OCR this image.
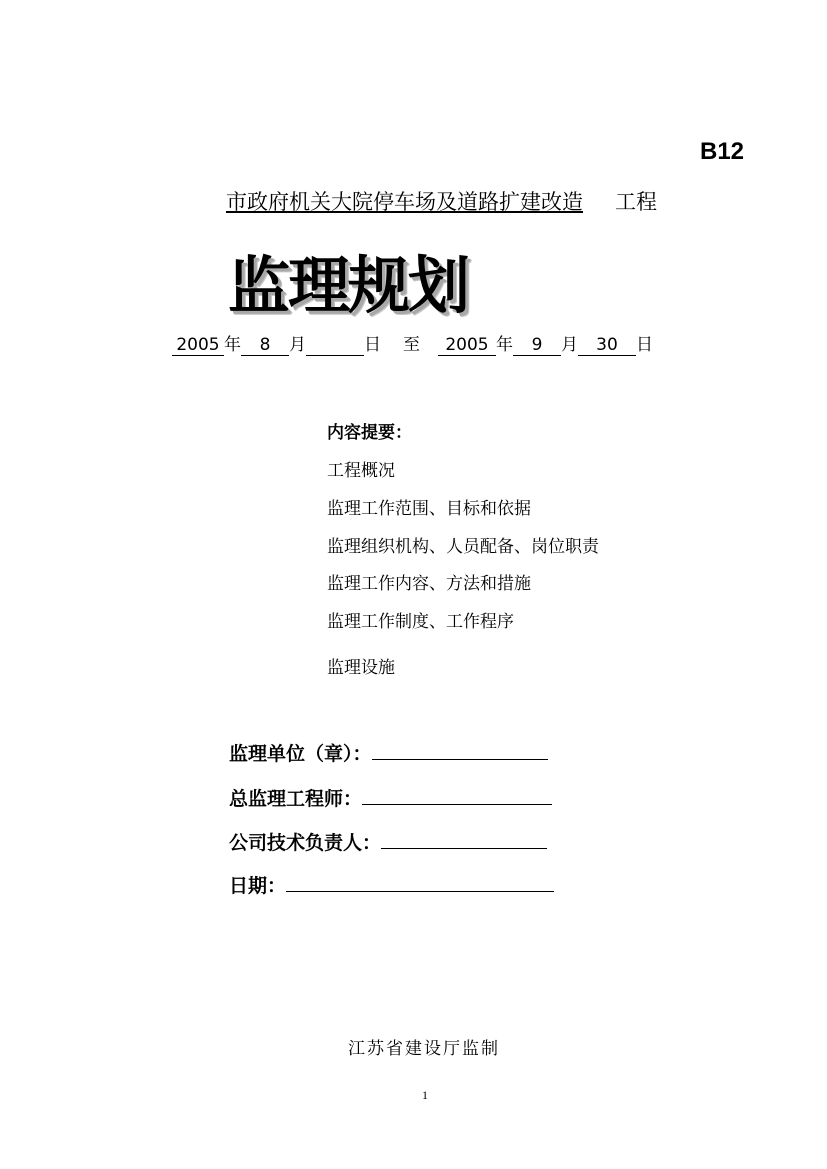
B12
市政府机关大院停车场及道路扩建改造 工程
监理规划
2005 年 8 月	日 至 2005 年 9 月 30 日
内容提要：
工程概况
监理工作范围、目标和依据
监理组织机构、人员配备、岗位职责
监理工作内容、方法和措施
监理工作制度、工作程序
监理设施
监理单位（章）：
总监理工程师：
公司技术负责人：
日期：
江苏省建设厅监制
1
